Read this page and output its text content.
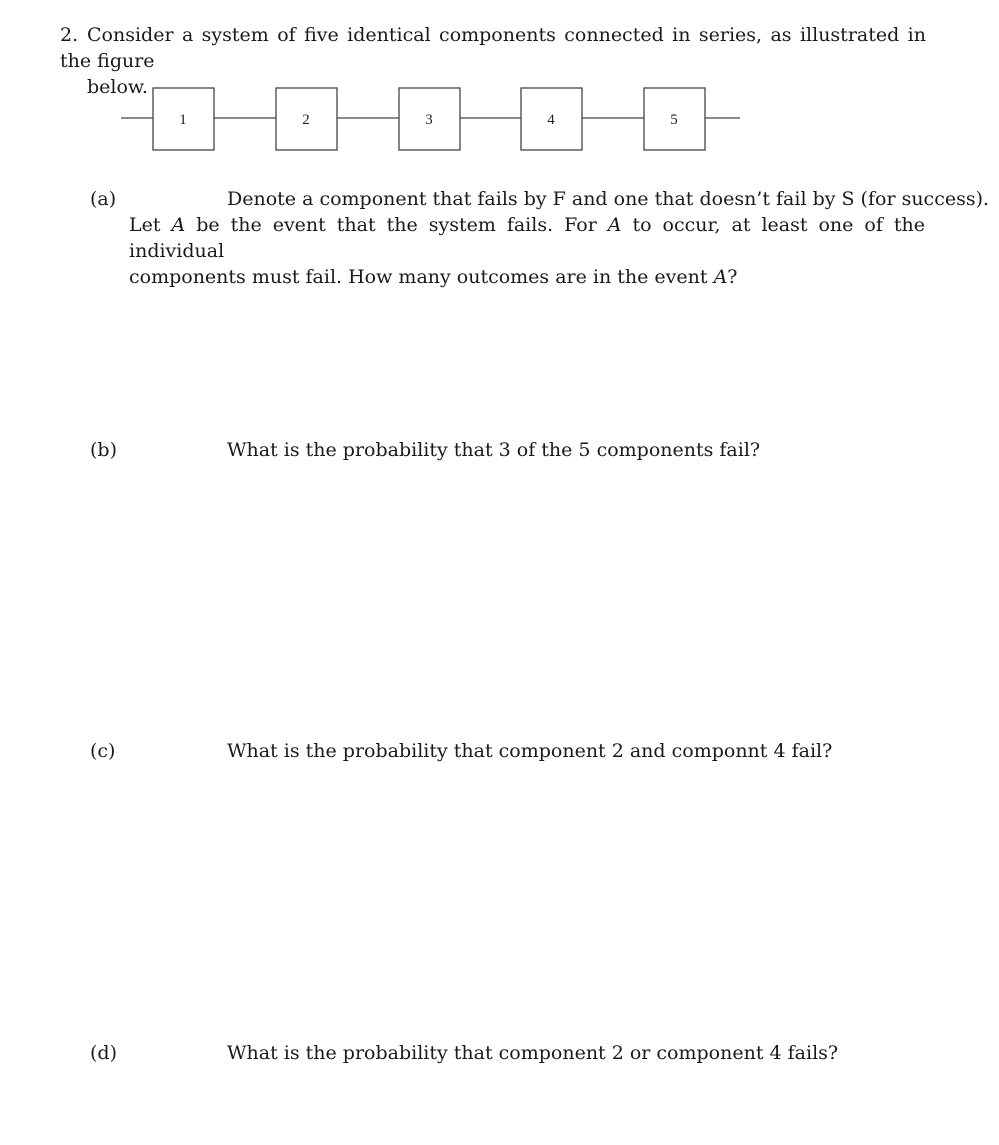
2. Consider a system of five identical components connected in series, as illustrated in the figure
below.
1	2	3	4	5
(a)	Denote a component that fails by F and one that doesn’t fail by S (for success).
Let A be the event that the system fails. For A to occur, at least one of the individual
components must fail. How many outcomes are in the event A?
(b)	What is the probability that 3 of the 5 components fail?
(c)	What is the probability that component 2 and componnt 4 fail?
(d)	What is the probability that component 2 or component 4 fails?
